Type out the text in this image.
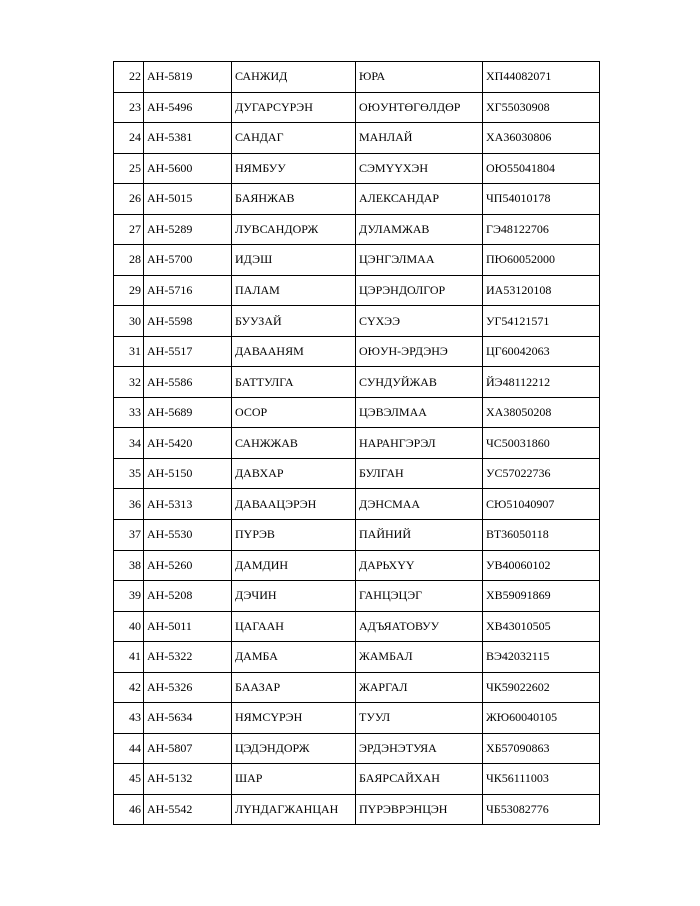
22	АН-5819	САНЖИД	ЮРА	ХП44082071
23	АН-5496	ДУГАРСҮРЭН	ОЮУНТӨГӨЛДӨР	ХГ55030908
24	АН-5381	САНДАГ	МАНЛАЙ	ХА36030806
25	АН-5600	НЯМБУУ	СЭМҮҮХЭН	ОЮ55041804
26	АН-5015	БАЯНЖАВ	АЛЕКСАНДАР	ЧП54010178
27	АН-5289	ЛУВСАНДОРЖ	ДУЛАМЖАВ	ГЭ48122706
28	АН-5700	ИДЭШ	ЦЭНГЭЛМАА	ПЮ60052000
29	АН-5716	ПАЛАМ	ЦЭРЭНДОЛГОР	ИА53120108
30	АН-5598	БУУЗАЙ	СҮХЭЭ	УГ54121571
31	АН-5517	ДАВААНЯМ	ОЮУН-ЭРДЭНЭ	ЦГ60042063
32	АН-5586	БАТТУЛГА	СУНДУЙЖАВ	ЙЭ48112212
33	АН-5689	ОСОР	ЦЭВЭЛМАА	ХА38050208
34	АН-5420	САНЖЖАВ	НАРАНГЭРЭЛ	ЧС50031860
35	АН-5150	ДАВХАР	БУЛГАН	УС57022736
36	АН-5313	ДАВААЦЭРЭН	ДЭНСМАА	СЮ51040907
37	АН-5530	ПҮРЭВ	ПАЙНИЙ	ВТ36050118
38	АН-5260	ДАМДИН	ДАРЬХҮҮ	УВ40060102
39	АН-5208	ДЭЧИН	ГАНЦЭЦЭГ	ХВ59091869
40	АН-5011	ЦАГААН	АДЪЯАТОВУУ	ХВ43010505
41	АН-5322	ДАМБА	ЖАМБАЛ	ВЭ42032115
42	АН-5326	БААЗАР	ЖАРГАЛ	ЧК59022602
43	АН-5634	НЯМСҮРЭН	ТУУЛ	ЖЮ60040105
44	АН-5807	ЦЭДЭНДОРЖ	ЭРДЭНЭТУЯА	ХБ57090863
45	АН-5132	ШАР	БАЯРСАЙХАН	ЧК56111003
46	АН-5542	ЛҮНДАГЖАНЦАН	ПҮРЭВРЭНЦЭН	ЧБ53082776
